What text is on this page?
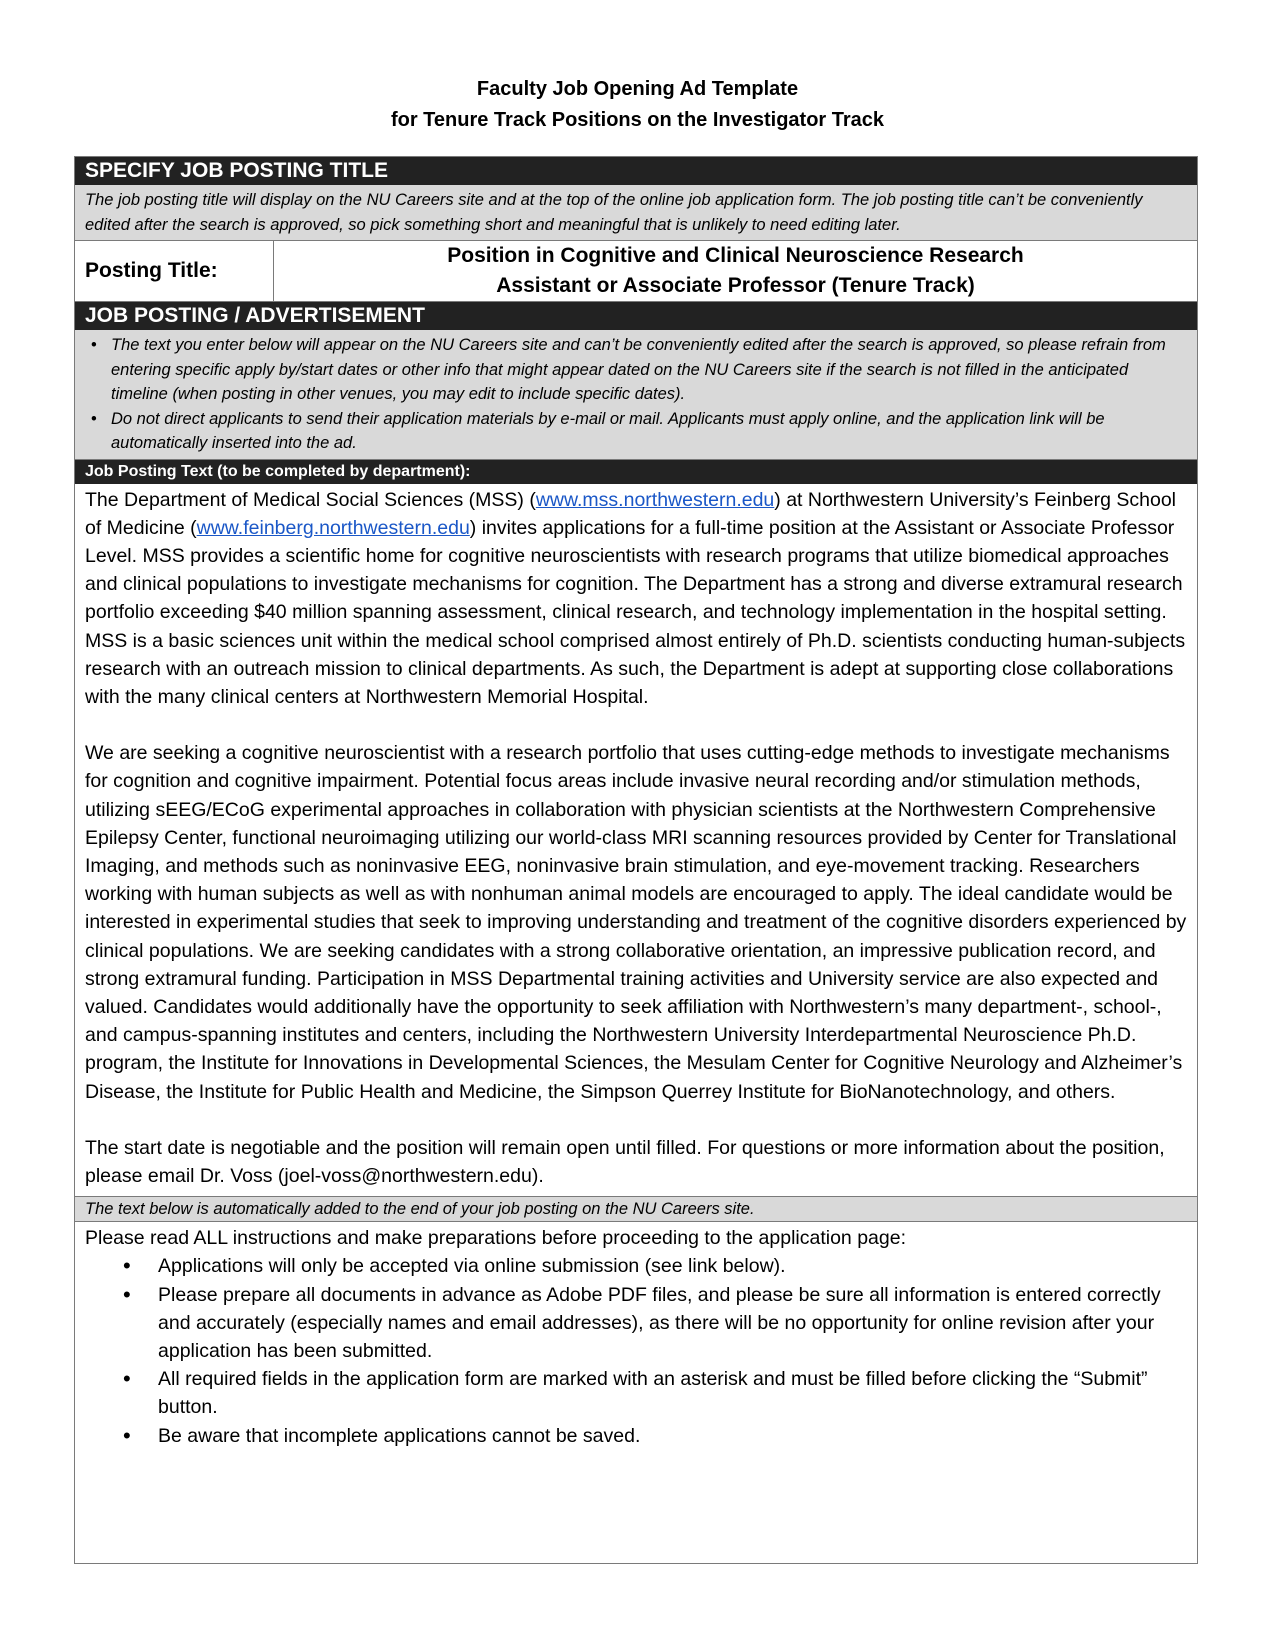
Faculty Job Opening Ad Template
for Tenure Track Positions on the Investigator Track
SPECIFY JOB POSTING TITLE
The job posting title will display on the NU Careers site and at the top of the online job application form. The job posting title can’t be conveniently edited after the search is approved, so pick something short and meaningful that is unlikely to need editing later.
Posting Title:
Position in Cognitive and Clinical Neuroscience Research
Assistant or Associate Professor (Tenure Track)
JOB POSTING / ADVERTISEMENT
• The text you enter below will appear on the NU Careers site and can’t be conveniently edited after the search is approved, so please refrain from entering specific apply by/start dates or other info that might appear dated on the NU Careers site if the search is not filled in the anticipated timeline (when posting in other venues, you may edit to include specific dates).
• Do not direct applicants to send their application materials by e-mail or mail. Applicants must apply online, and the application link will be automatically inserted into the ad.
Job Posting Text (to be completed by department):

The Department of Medical Social Sciences (MSS) (www.mss.northwestern.edu) at Northwestern University’s Feinberg School of Medicine (www.feinberg.northwestern.edu) invites applications for a full-time position at the Assistant or Associate Professor Level. MSS provides a scientific home for cognitive neuroscientists with research programs that utilize biomedical approaches and clinical populations to investigate mechanisms for cognition. The Department has a strong and diverse extramural research portfolio exceeding $40 million spanning assessment, clinical research, and technology implementation in the hospital setting. MSS is a basic sciences unit within the medical school comprised almost entirely of Ph.D. scientists conducting human-subjects research with an outreach mission to clinical departments. As such, the Department is adept at supporting close collaborations with the many clinical centers at Northwestern Memorial Hospital.

We are seeking a cognitive neuroscientist with a research portfolio that uses cutting-edge methods to investigate mechanisms for cognition and cognitive impairment. Potential focus areas include invasive neural recording and/or stimulation methods, utilizing sEEG/ECoG experimental approaches in collaboration with physician scientists at the Northwestern Comprehensive Epilepsy Center, functional neuroimaging utilizing our world-class MRI scanning resources provided by Center for Translational Imaging, and methods such as noninvasive EEG, noninvasive brain stimulation, and eye-movement tracking. Researchers working with human subjects as well as with nonhuman animal models are encouraged to apply. The ideal candidate would be interested in experimental studies that seek to improving understanding and treatment of the cognitive disorders experienced by clinical populations. We are seeking candidates with a strong collaborative orientation, an impressive publication record, and strong extramural funding. Participation in MSS Departmental training activities and University service are also expected and valued. Candidates would additionally have the opportunity to seek affiliation with Northwestern’s many department-, school-, and campus-spanning institutes and centers, including the Northwestern University Interdepartmental Neuroscience Ph.D. program, the Institute for Innovations in Developmental Sciences, the Mesulam Center for Cognitive Neurology and Alzheimer’s Disease, the Institute for Public Health and Medicine, the Simpson Querrey Institute for BioNanotechnology, and others.

The start date is negotiable and the position will remain open until filled. For questions or more information about the position, please email Dr. Voss (joel-voss@northwestern.edu).

The text below is automatically added to the end of your job posting on the NU Careers site.
Please read ALL instructions and make preparations before proceeding to the application page:
• Applications will only be accepted via online submission (see link below).
• Please prepare all documents in advance as Adobe PDF files, and please be sure all information is entered correctly and accurately (especially names and email addresses), as there will be no opportunity for online revision after your application has been submitted.
• All required fields in the application form are marked with an asterisk and must be filled before clicking the “Submit” button.
• Be aware that incomplete applications cannot be saved.
